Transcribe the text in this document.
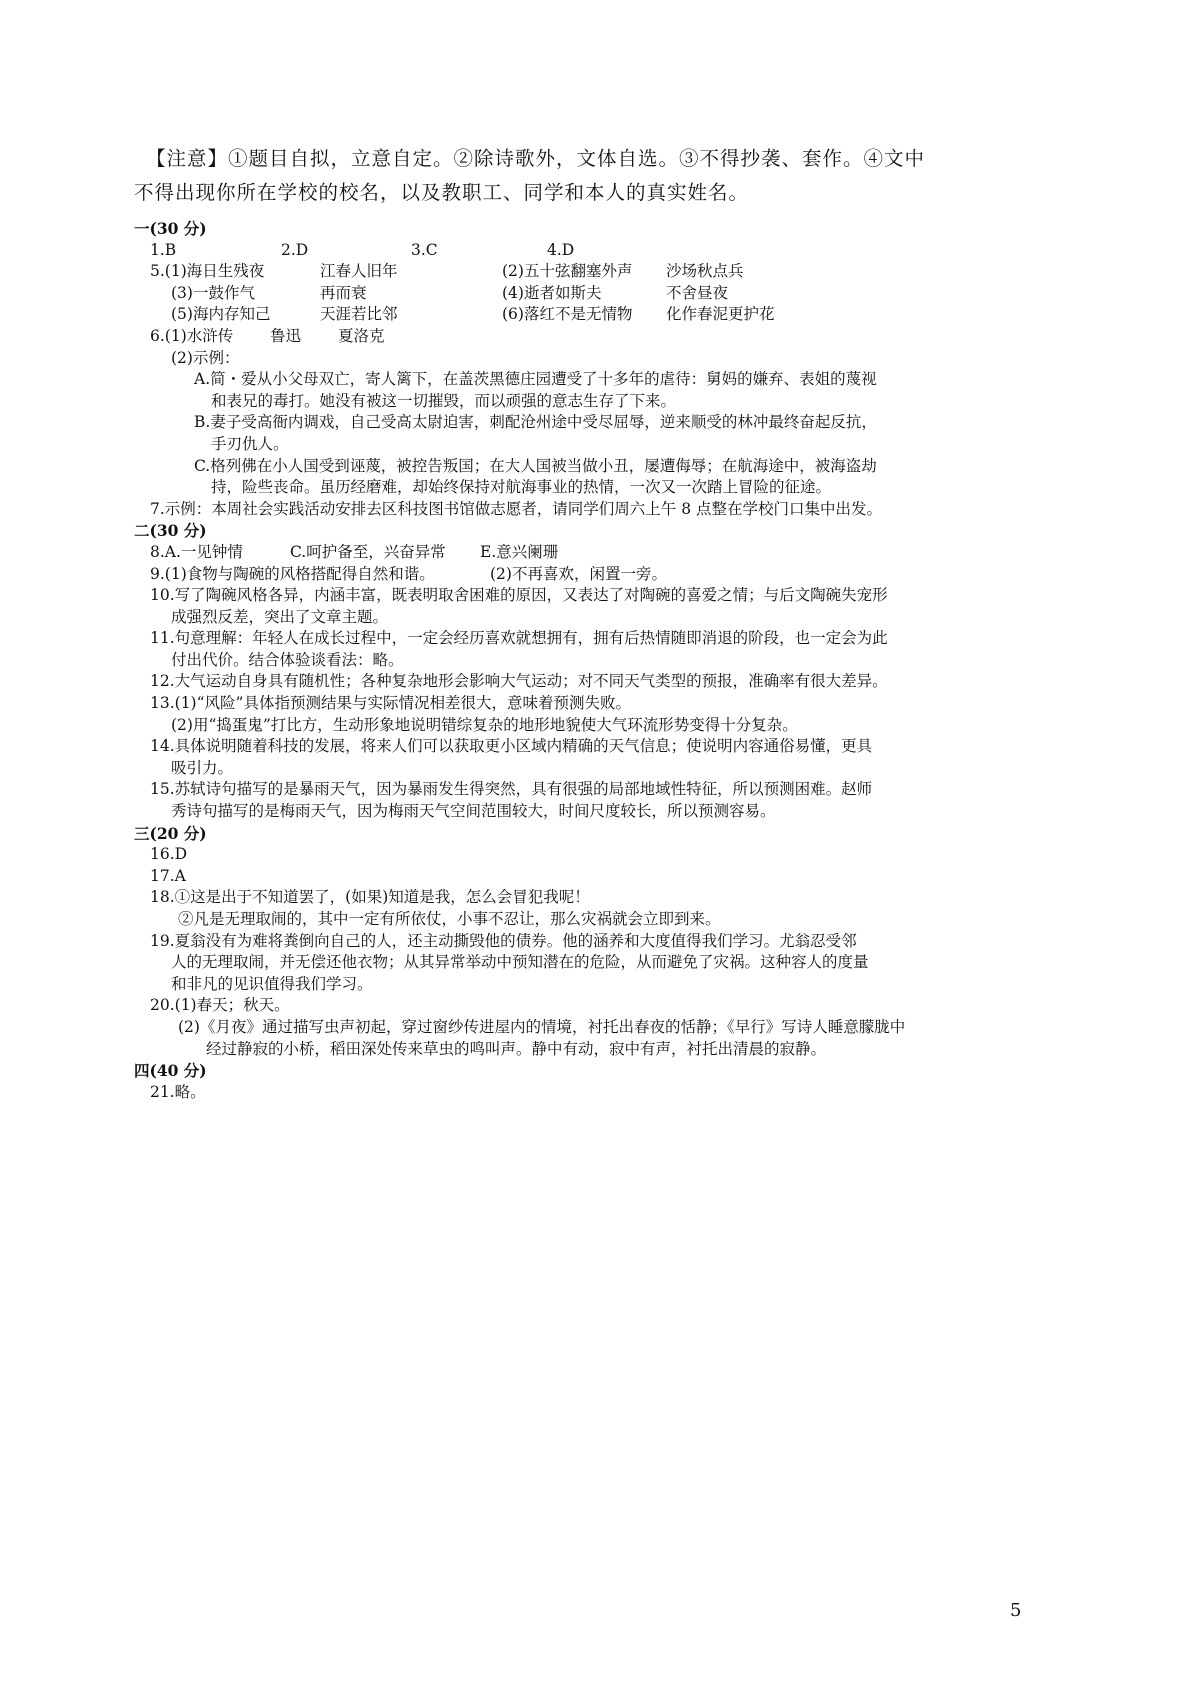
【注意】①题目自拟，立意自定。②除诗歌外，文体自选。③不得抄袭、套作。④文中
不得出现你所在学校的校名，以及教职工、同学和本人的真实姓名。
一(30 分)
1.B	2.D	3.C	4.D
5.(1)海日生残夜	江春人旧年	(2)五十弦翻塞外声 沙场秋点兵
(3)一鼓作气	再而衰	(4)逝者如斯夫	不舍昼夜
(5)海内存知己	天涯若比邻	(6)落红不是无情物 化作春泥更护花
6.(1)水浒传 鲁迅 夏洛克
(2)示例：
A.简・爱从小父母双亡，寄人篱下，在盖茨黑德庄园遭受了十多年的虐待：舅妈的嫌弃、表姐的蔑视
和表兄的毒打。她没有被这一切摧毁，而以顽强的意志生存了下来。
B.妻子受高衙内调戏，自己受高太尉迫害，刺配沧州途中受尽屈辱，逆来顺受的林冲最终奋起反抗，
手刃仇人。
C.格列佛在小人国受到诬蔑，被控告叛国；在大人国被当做小丑，屡遭侮辱；在航海途中，被海盗劫
持，险些丧命。虽历经磨难，却始终保持对航海事业的热情，一次又一次踏上冒险的征途。
7.示例：本周社会实践活动安排去区科技图书馆做志愿者，请同学们周六上午 8 点整在学校门口集中出发。
二(30 分)
8.A.一见钟情	C.呵护备至，兴奋异常 E.意兴阑珊
9.(1)食物与陶碗的风格搭配得自然和谐。	(2)不再喜欢，闲置一旁。
10.写了陶碗风格各异，内涵丰富，既表明取舍困难的原因，又表达了对陶碗的喜爱之情；与后文陶碗失宠形
成强烈反差，突出了文章主题。
11.句意理解：年轻人在成长过程中，一定会经历喜欢就想拥有，拥有后热情随即消退的阶段，也一定会为此
付出代价。结合体验谈看法：略。
12.大气运动自身具有随机性；各种复杂地形会影响大气运动；对不同天气类型的预报，准确率有很大差异。
13.(1)“风险”具体指预测结果与实际情况相差很大，意味着预测失败。
(2)用“捣蛋鬼”打比方，生动形象地说明错综复杂的地形地貌使大气环流形势变得十分复杂。
14.具体说明随着科技的发展，将来人们可以获取更小区域内精确的天气信息；使说明内容通俗易懂，更具
吸引力。
15.苏轼诗句描写的是暴雨天气，因为暴雨发生得突然，具有很强的局部地域性特征，所以预测困难。赵师
秀诗句描写的是梅雨天气，因为梅雨天气空间范围较大，时间尺度较长，所以预测容易。
三(20 分)
16.D
17.A
18.①这是出于不知道罢了，(如果)知道是我，怎么会冒犯我呢！
②凡是无理取闹的，其中一定有所依仗，小事不忍让，那么灾祸就会立即到来。
19.夏翁没有为难将粪倒向自己的人，还主动撕毁他的债券。他的涵养和大度值得我们学习。尤翁忍受邻
人的无理取闹，并无偿还他衣物；从其异常举动中预知潜在的危险，从而避免了灾祸。这种容人的度量
和非凡的见识值得我们学习。
20.(1)春天；秋天。
(2)《月夜》通过描写虫声初起，穿过窗纱传进屋内的情境，衬托出春夜的恬静；《早行》写诗人睡意朦胧中
经过静寂的小桥，稻田深处传来草虫的鸣叫声。静中有动，寂中有声，衬托出清晨的寂静。
四(40 分)
21.略。
5
